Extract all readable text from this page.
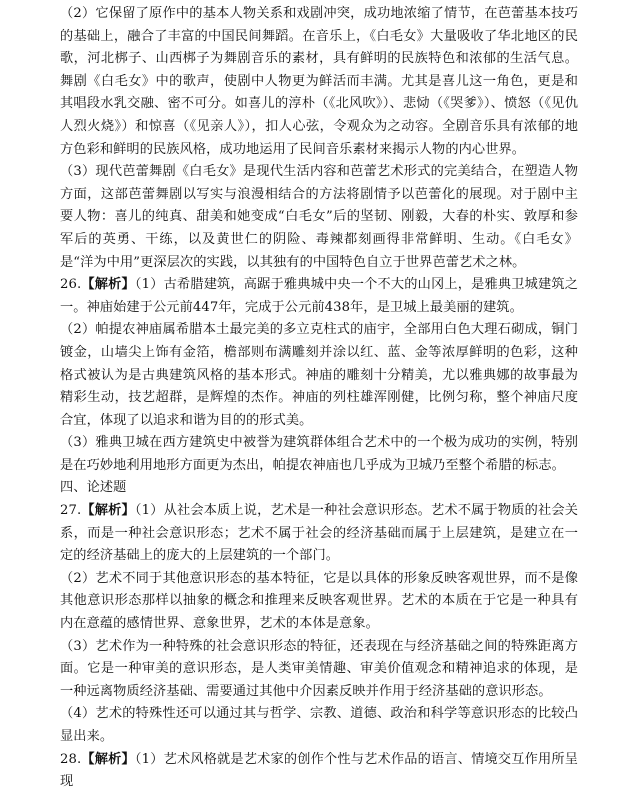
（2）它保留了原作中的基本人物关系和戏剧冲突，成功地浓缩了情节，在芭蕾基本技巧的基础上，融合了丰富的中国民间舞蹈。在音乐上，《白毛女》大量吸收了华北地区的民歌，河北梆子、山西梆子为舞剧音乐的素材，具有鲜明的民族特色和浓郁的生活气息。舞剧《白毛女》中的歌声，使剧中人物更为鲜活而丰满。尤其是喜儿这一角色，更是和其唱段水乳交融、密不可分。如喜儿的淳朴（《北风吹》）、悲恸（《哭爹》）、愤怒（《见仇人烈火烧》）和惊喜（《见亲人》），扣人心弦，令观众为之动容。全剧音乐具有浓郁的地方色彩和鲜明的民族风格，成功地运用了民间音乐素材来揭示人物的内心世界。

（3）现代芭蕾舞剧《白毛女》是现代生活内容和芭蕾艺术形式的完美结合，在塑造人物方面，这部芭蕾舞剧以写实与浪漫相结合的方法将剧情予以芭蕾化的展现。对于剧中主要人物：喜儿的纯真、甜美和她变成“白毛女”后的坚韧、刚毅，大春的朴实、敦厚和参军后的英勇、干练，以及黄世仁的阴险、毒辣都刻画得非常鲜明、生动。《白毛女》是“洋为中用”更深层次的实践，以其独有的中国特色自立于世界芭蕾艺术之林。

26.【解析】（1）古希腊建筑，高踞于雅典城中央一个不大的山冈上，是雅典卫城建筑之一。神庙始建于公元前447年，完成于公元前438年，是卫城上最美丽的建筑。

（2）帕提农神庙属希腊本土最完美的多立克柱式的庙宇，全部用白色大理石砌成，铜门镀金，山墙尖上饰有金箔，檐部则布满雕刻并涂以红、蓝、金等浓厚鲜明的色彩，这种格式被认为是古典建筑风格的基本形式。神庙的雕刻十分精美，尤以雅典娜的故事最为精彩生动，技艺超群，是辉煌的杰作。神庙的列柱雄浑刚健，比例匀称，整个神庙尺度合宜，体现了以追求和谐为目的的形式美。

（3）雅典卫城在西方建筑史中被誉为建筑群体组合艺术中的一个极为成功的实例，特别是在巧妙地利用地形方面更为杰出，帕提农神庙也几乎成为卫城乃至整个希腊的标志。

四、论述题

27.【解析】（1）从社会本质上说，艺术是一种社会意识形态。艺术不属于物质的社会关系，而是一种社会意识形态；艺术不属于社会的经济基础而属于上层建筑，是建立在一定的经济基础上的庞大的上层建筑的一个部门。

（2）艺术不同于其他意识形态的基本特征，它是以具体的形象反映客观世界，而不是像其他意识形态那样以抽象的概念和推理来反映客观世界。艺术的本质在于它是一种具有内在意蕴的感情世界、意象世界，艺术的本体是意象。

（3）艺术作为一种特殊的社会意识形态的特征，还表现在与经济基础之间的特殊距离方面。它是一种审美的意识形态，是人类审美情趣、审美价值观念和精神追求的体现，是一种远离物质经济基础、需要通过其他中介因素反映并作用于经济基础的意识形态。

（4）艺术的特殊性还可以通过其与哲学、宗教、道德、政治和科学等意识形态的比较凸显出来。

28.【解析】（1）艺术风格就是艺术家的创作个性与艺术作品的语言、情境交互作用所呈现
